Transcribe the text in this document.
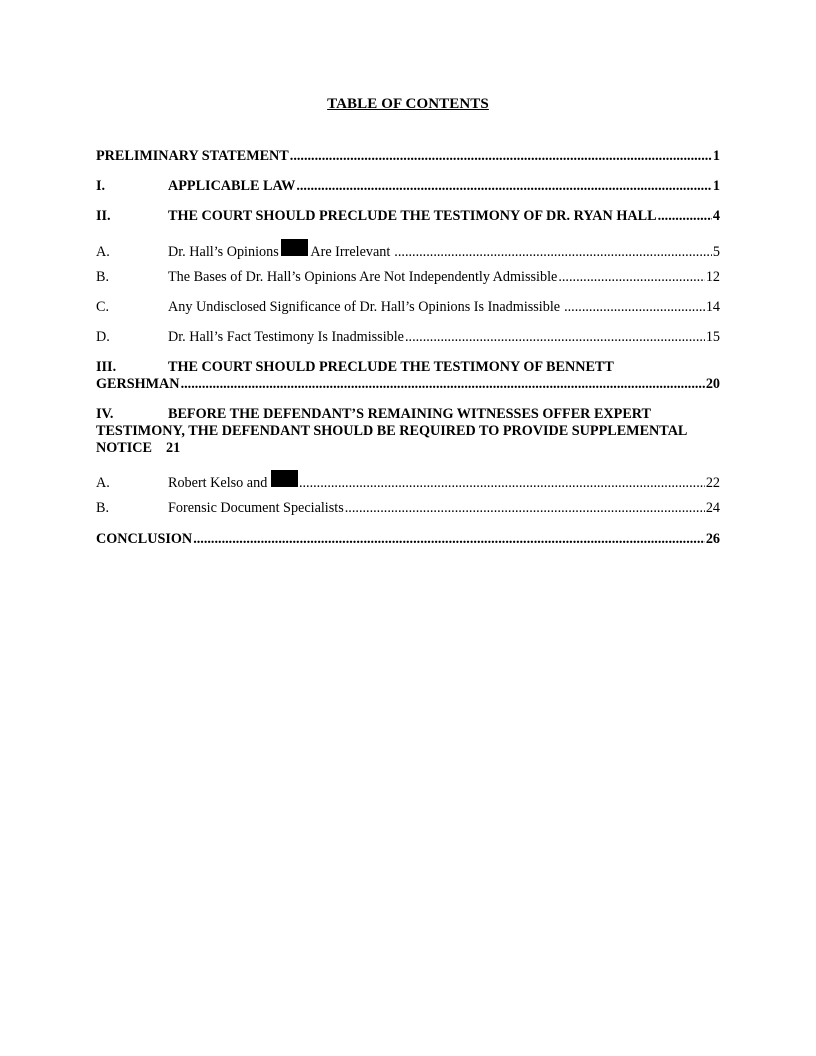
TABLE OF CONTENTS
PRELIMINARY STATEMENT .....	1
I.	APPLICABLE LAW .....	1
II.	THE COURT SHOULD PRECLUDE THE TESTIMONY OF DR. RYAN HALL .....	4
A.	Dr. Hall’s Opinions Are Irrelevant .....	5
B.	The Bases of Dr. Hall’s Opinions Are Not Independently Admissible .....	12
C.	Any Undisclosed Significance of Dr. Hall’s Opinions Is Inadmissible .....	14
D.	Dr. Hall’s Fact Testimony Is Inadmissible .....	15
III.	THE COURT SHOULD PRECLUDE THE TESTIMONY OF BENNETT
GERSHMAN .....	20
IV.	BEFORE THE DEFENDANT’S REMAINING WITNESSES OFFER EXPERT
TESTIMONY, THE DEFENDANT SHOULD BE REQUIRED TO PROVIDE SUPPLEMENTAL
NOTICE 21
A.	Robert Kelso and .....	22
B.	Forensic Document Specialists .....	24
CONCLUSION .....	26
